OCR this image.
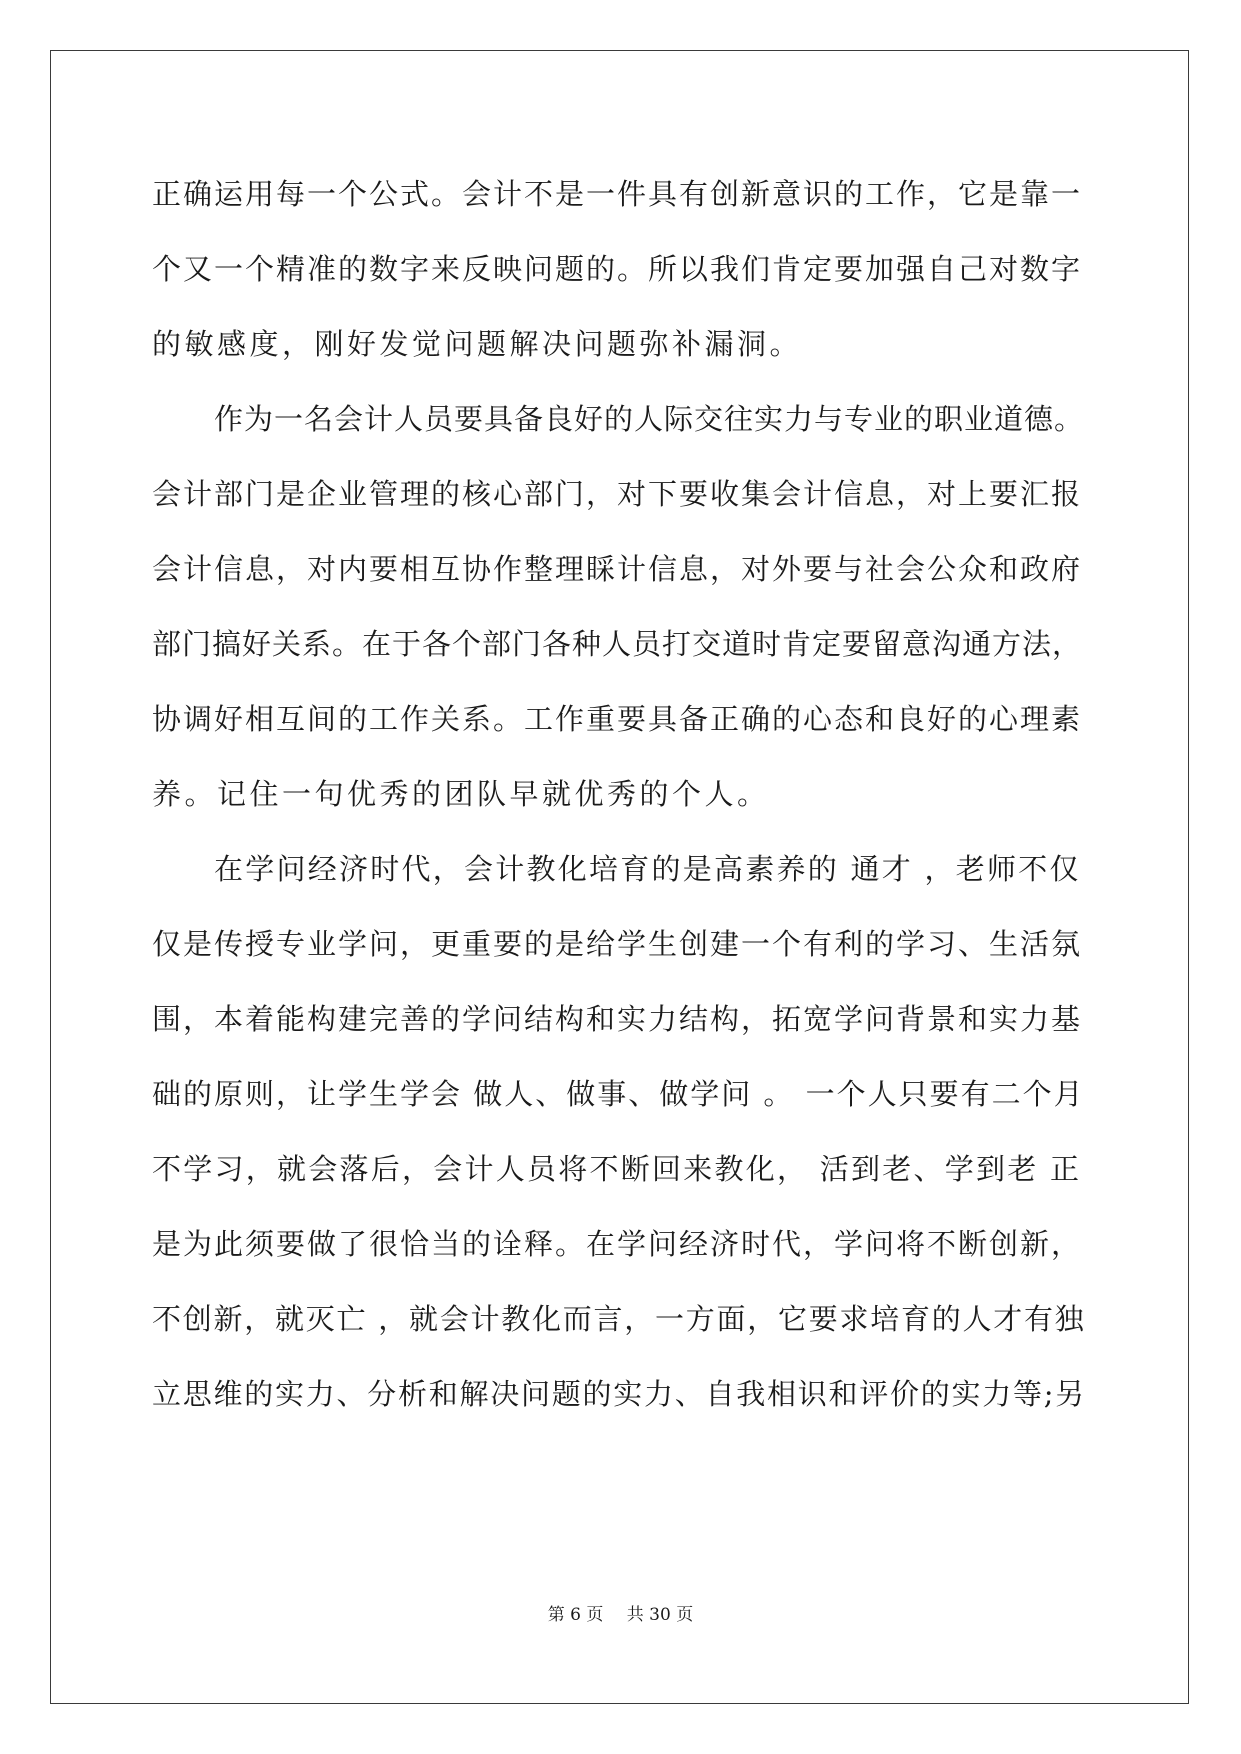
正确运用每一个公式。会计不是一件具有创新意识的工作，它是靠一
个又一个精准的数字来反映问题的。所以我们肯定要加强自己对数字
的敏感度，刚好发觉问题解决问题弥补漏洞。
作为一名会计人员要具备良好的人际交往实力与专业的职业道德。
会计部门是企业管理的核心部门，对下要收集会计信息，对上要汇报
会计信息，对内要相互协作整理睬计信息，对外要与社会公众和政府
部门搞好关系。在于各个部门各种人员打交道时肯定要留意沟通方法，
协调好相互间的工作关系。工作重要具备正确的心态和良好的心理素
养。记住一句优秀的团队早就优秀的个人。
在学问经济时代，会计教化培育的是高素养的 通才 ，老师不仅
仅是传授专业学问，更重要的是给学生创建一个有利的学习、生活氛
围，本着能构建完善的学问结构和实力结构，拓宽学问背景和实力基
础的原则，让学生学会 做人、做事、做学问 。 一个人只要有二个月
不学习，就会落后，会计人员将不断回来教化， 活到老、学到老 正
是为此须要做了很恰当的诠释。在学问经济时代，学问将不断创新，
不创新，就灭亡 ，就会计教化而言，一方面，它要求培育的人才有独
立思维的实力、分析和解决问题的实力、自我相识和评价的实力等;另
第 6 页 共 30 页
